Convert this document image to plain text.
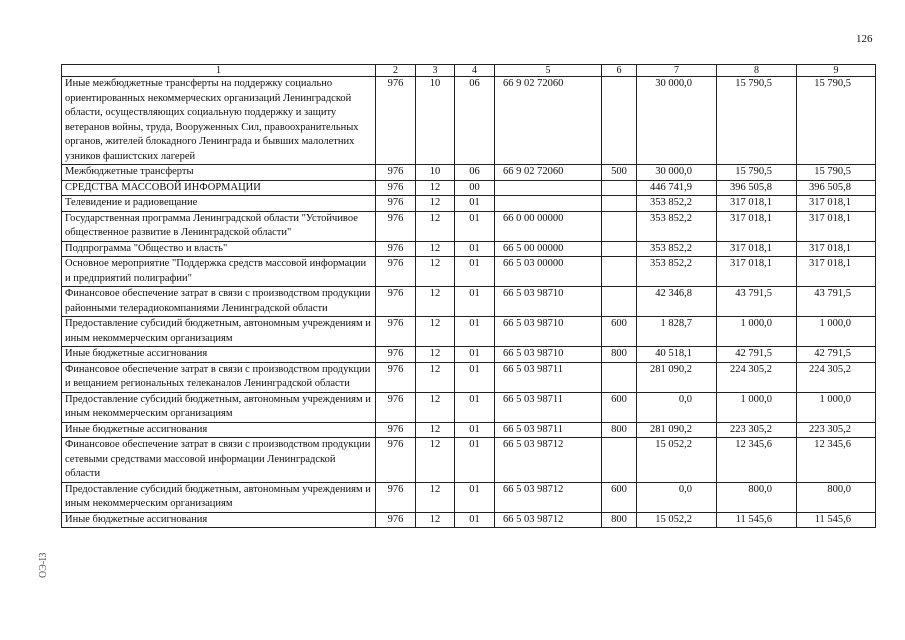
126
ОЭ-ІЗ
1	2	3	4	5	6	7	8	9
Иные межбюджетные трансферты на поддержку социально ориентированных некоммерческих организаций Ленинградской области, осуществляющих социальную поддержку и защиту ветеранов войны, труда, Вооруженных Сил, правоохранительных органов, жителей блокадного Ленинграда и бывших малолетних узников фашистских лагерей	976	10	06	66 9 02 72060		30 000,0	15 790,5	15 790,5
Межбюджетные трансферты	976	10	06	66 9 02 72060	500	30 000,0	15 790,5	15 790,5
СРЕДСТВА МАССОВОЙ ИНФОРМАЦИИ	976	12	00			446 741,9	396 505,8	396 505,8
Телевидение и радиовещание	976	12	01			353 852,2	317 018,1	317 018,1
Государственная программа Ленинградской области "Устойчивое общественное развитие в Ленинградской области"	976	12	01	66 0 00 00000		353 852,2	317 018,1	317 018,1
Подпрограмма "Общество и власть"	976	12	01	66 5 00 00000		353 852,2	317 018,1	317 018,1
Основное мероприятие "Поддержка средств массовой информации и предприятий полиграфии"	976	12	01	66 5 03 00000		353 852,2	317 018,1	317 018,1
Финансовое обеспечение затрат в связи с производством продукции районными телерадиокомпаниями Ленинградской области	976	12	01	66 5 03 98710		42 346,8	43 791,5	43 791,5
Предоставление субсидий бюджетным, автономным учреждениям и иным некоммерческим организациям	976	12	01	66 5 03 98710	600	1 828,7	1 000,0	1 000,0
Иные бюджетные ассигнования	976	12	01	66 5 03 98710	800	40 518,1	42 791,5	42 791,5
Финансовое обеспечение затрат в связи с производством продукции и вещанием региональных телеканалов Ленинградской области	976	12	01	66 5 03 98711		281 090,2	224 305,2	224 305,2
Предоставление субсидий бюджетным, автономным учреждениям и иным некоммерческим организациям	976	12	01	66 5 03 98711	600	0,0	1 000,0	1 000,0
Иные бюджетные ассигнования	976	12	01	66 5 03 98711	800	281 090,2	223 305,2	223 305,2
Финансовое обеспечение затрат в связи с производством продукции сетевыми средствами массовой информации Ленинградской области	976	12	01	66 5 03 98712		15 052,2	12 345,6	12 345,6
Предоставление субсидий бюджетным, автономным учреждениям и иным некоммерческим организациям	976	12	01	66 5 03 98712	600	0,0	800,0	800,0
Иные бюджетные ассигнования	976	12	01	66 5 03 98712	800	15 052,2	11 545,6	11 545,6
